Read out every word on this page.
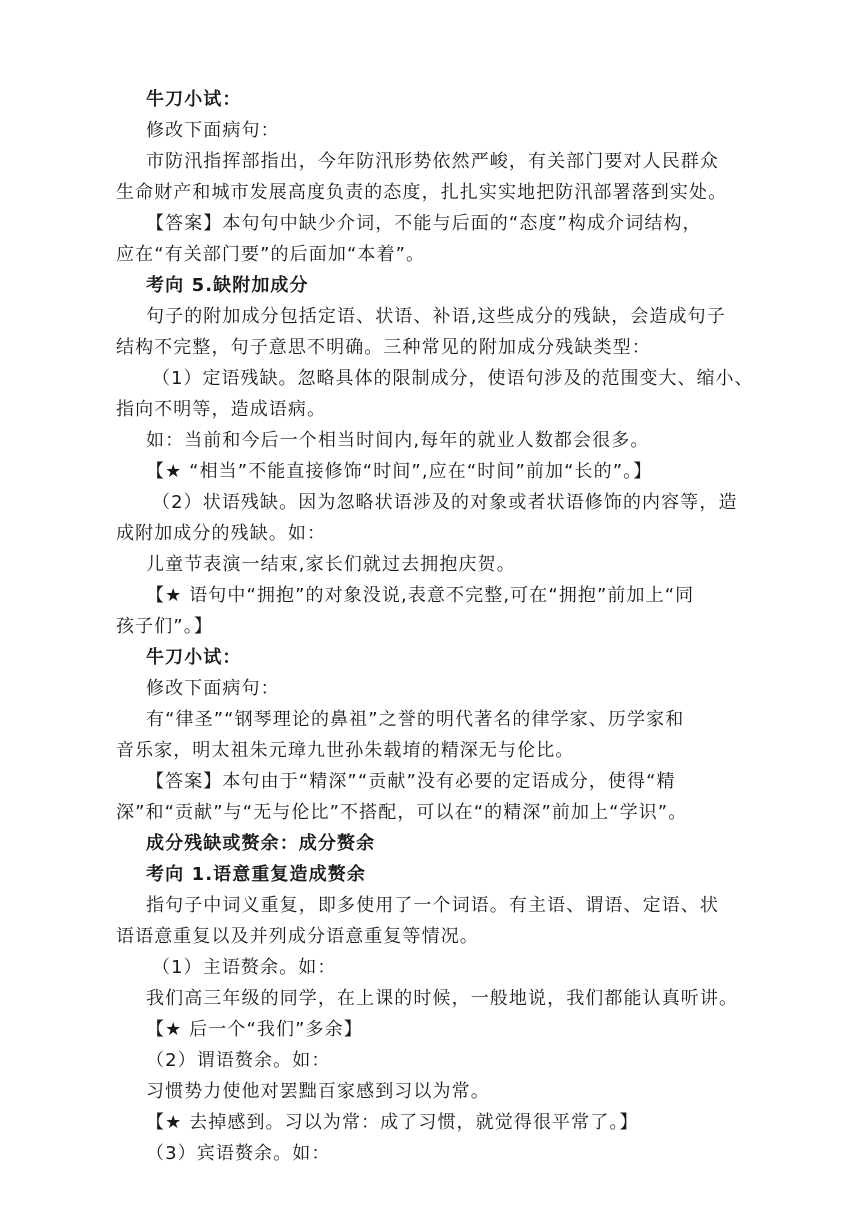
牛刀小试：

修改下面病句：

市防汛指挥部指出，今年防汛形势依然严峻，有关部门要对人民群众

生命财产和城市发展高度负责的态度，扎扎实实地把防汛部署落到实处。

【答案】本句句中缺少介词，不能与后面的“态度”构成介词结构，

应在“有关部门要”的后面加“本着”。

考向 5.缺附加成分

句子的附加成分包括定语、状语、补语,这些成分的残缺，会造成句子

结构不完整，句子意思不明确。三种常见的附加成分残缺类型：

（1）定语残缺。忽略具体的限制成分，使语句涉及的范围变大、缩小、

指向不明等，造成语病。

如：当前和今后一个相当时间内,每年的就业人数都会很多。

【★ “相当”不能直接修饰“时间”,应在“时间”前加“长的”。】

（2）状语残缺。因为忽略状语涉及的对象或者状语修饰的内容等，造

成附加成分的残缺。如：

儿童节表演一结束,家长们就过去拥抱庆贺。

【★ 语句中“拥抱”的对象没说,表意不完整,可在“拥抱”前加上“同

孩子们”。】

牛刀小试：

修改下面病句：

有“律圣”“钢琴理论的鼻祖”之誉的明代著名的律学家、历学家和

音乐家，明太祖朱元璋九世孙朱载堉的精深无与伦比。

【答案】本句由于“精深”“贡献”没有必要的定语成分，使得“精

深”和“贡献”与“无与伦比”不搭配，可以在“的精深”前加上“学识”。

成分残缺或赘余：成分赘余

考向 1.语意重复造成赘余

指句子中词义重复，即多使用了一个词语。有主语、谓语、定语、状

语语意重复以及并列成分语意重复等情况。

（1）主语赘余。如：

我们高三年级的同学，在上课的时候，一般地说，我们都能认真听讲。

【★ 后一个“我们”多余】

（2）谓语赘余。如：

习惯势力使他对罢黜百家感到习以为常。

【★ 去掉感到。习以为常：成了习惯，就觉得很平常了。】

（3）宾语赘余。如：
